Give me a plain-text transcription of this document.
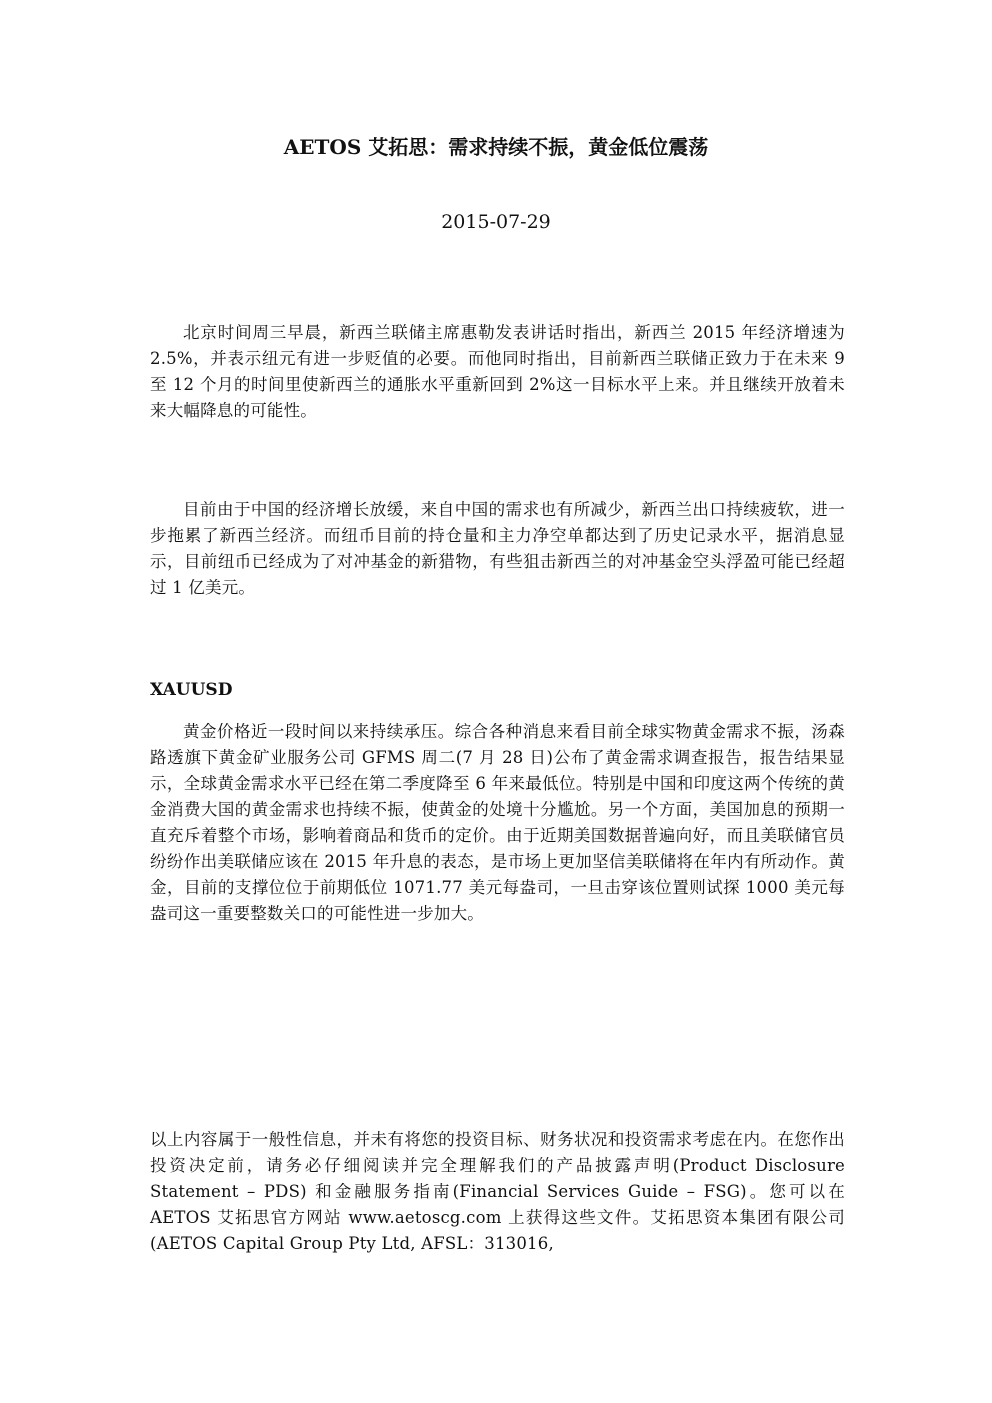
AETOS 艾拓思：需求持续不振，黄金低位震荡
2015-07-29

北京时间周三早晨，新西兰联储主席惠勒发表讲话时指出，新西兰 2015 年经济增速为 2.5%，并表示纽元有进一步贬值的必要。而他同时指出，目前新西兰联储正致力于在未来 9 至 12 个月的时间里使新西兰的通胀水平重新回到 2%这一目标水平上来。并且继续开放着未来大幅降息的可能性。

目前由于中国的经济增长放缓，来自中国的需求也有所减少，新西兰出口持续疲软，进一步拖累了新西兰经济。而纽币目前的持仓量和主力净空单都达到了历史记录水平，据消息显示，目前纽币已经成为了对冲基金的新猎物，有些狙击新西兰的对冲基金空头浮盈可能已经超过 1 亿美元。

XAUUSD

黄金价格近一段时间以来持续承压。综合各种消息来看目前全球实物黄金需求不振，汤森路透旗下黄金矿业服务公司 GFMS 周二(7 月 28 日)公布了黄金需求调查报告，报告结果显示，全球黄金需求水平已经在第二季度降至 6 年来最低位。特别是中国和印度这两个传统的黄金消费大国的黄金需求也持续不振，使黄金的处境十分尴尬。另一个方面，美国加息的预期一直充斥着整个市场，影响着商品和货币的定价。由于近期美国数据普遍向好，而且美联储官员纷纷作出美联储应该在 2015 年升息的表态，是市场上更加坚信美联储将在年内有所动作。黄金，目前的支撑位位于前期低位 1071.77 美元每盎司，一旦击穿该位置则试探 1000 美元每盎司这一重要整数关口的可能性进一步加大。

以上内容属于一般性信息，并未有将您的投资目标、财务状况和投资需求考虑在内。在您作出投资决定前，请务必仔细阅读并完全理解我们的产品披露声明(Product Disclosure Statement – PDS) 和金融服务指南(Financial Services Guide – FSG)。您可以在 AETOS 艾拓思官方网站 www.aetoscg.com 上获得这些文件。艾拓思资本集团有限公司(AETOS Capital Group Pty Ltd, AFSL：313016,
